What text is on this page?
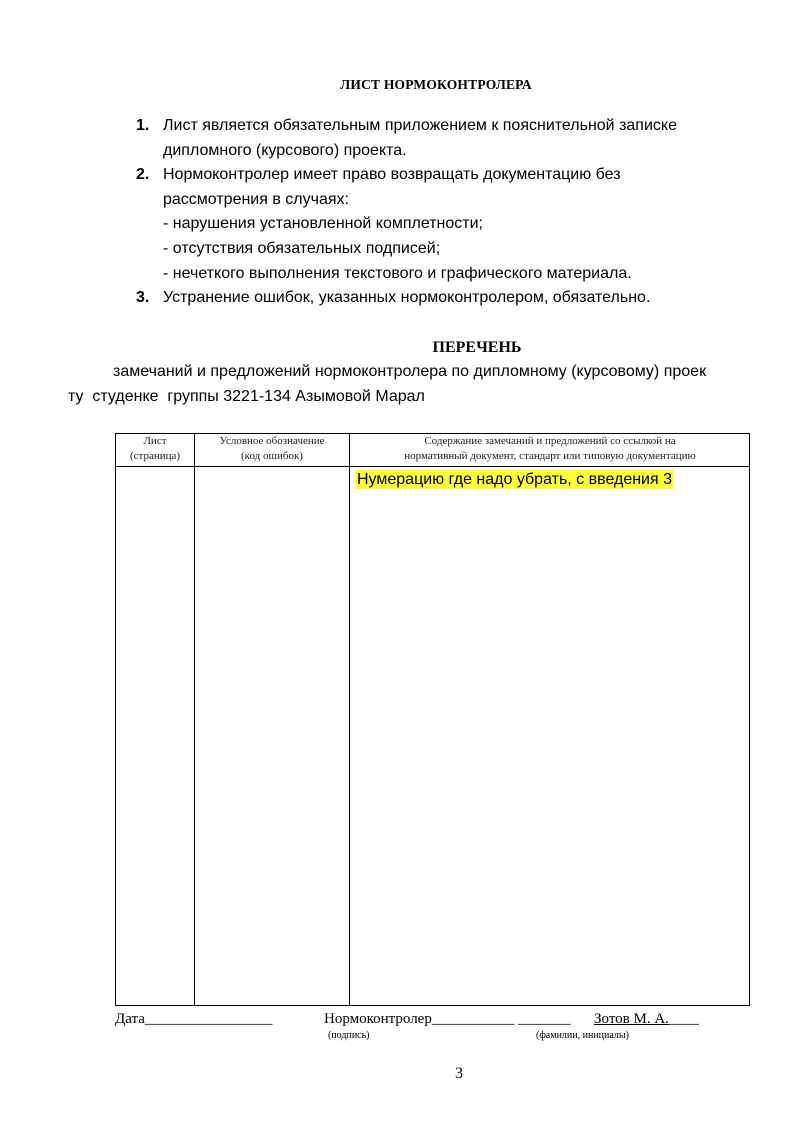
ЛИСТ НОРМОКОНТРОЛЕРА
1. Лист является обязательным приложением к пояснительной записке
дипломного (курсового) проекта.
2. Нормоконтролер имеет право возвращать документацию без
рассмотрения в случаях:
- нарушения установленной комплетности;
- отсутствия обязательных подписей;
- нечеткого выполнения текстового и графического материала.
3. Устранение ошибок, указанных нормоконтролером, обязательно.
ПЕРЕЧЕНЬ
замечаний и предложений нормоконтролера по дипломному (курсовому) проек
ту  студенке  группы 3221-134 Азымовой Марал
Лист
(страница)
Условное обозначение
(код ошибок)
Содержание замечаний и предложений со ссылкой на
нормативный документ, стандарт или типовую документацию
Нумерацию где надо убрать, с введения 3
Дата_________________	Нормоконтролер___________ _______ Зотов М. А.____
(подпись)	(фамилии, инициалы)
3
